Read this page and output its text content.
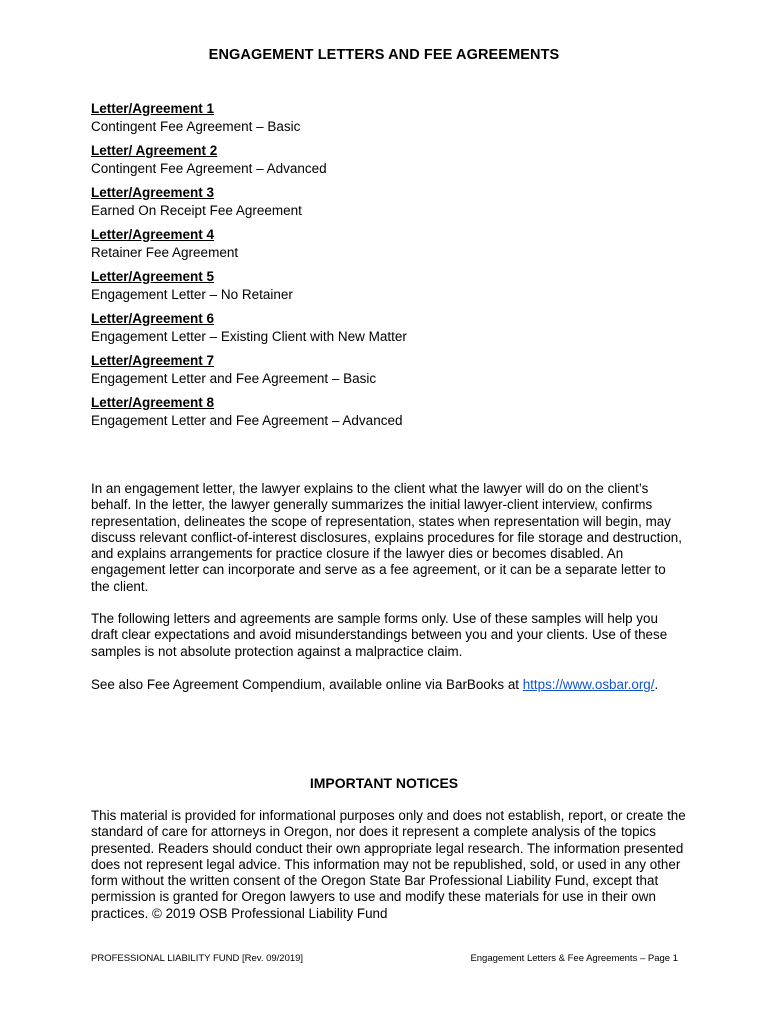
ENGAGEMENT LETTERS AND FEE AGREEMENTS
Letter/Agreement 1
Contingent Fee Agreement – Basic
Letter/ Agreement 2
Contingent Fee Agreement – Advanced
Letter/Agreement 3
Earned On Receipt Fee Agreement
Letter/Agreement 4
Retainer Fee Agreement
Letter/Agreement 5
Engagement Letter – No Retainer
Letter/Agreement 6
Engagement Letter – Existing Client with New Matter
Letter/Agreement 7
Engagement Letter and Fee Agreement – Basic
Letter/Agreement 8
Engagement Letter and Fee Agreement – Advanced
In an engagement letter, the lawyer explains to the client what the lawyer will do on the client’s behalf. In the letter, the lawyer generally summarizes the initial lawyer-client interview, confirms representation, delineates the scope of representation, states when representation will begin, may discuss relevant conflict-of-interest disclosures, explains procedures for file storage and destruction, and explains arrangements for practice closure if the lawyer dies or becomes disabled. An engagement letter can incorporate and serve as a fee agreement, or it can be a separate letter to the client.
The following letters and agreements are sample forms only. Use of these samples will help you draft clear expectations and avoid misunderstandings between you and your clients. Use of these samples is not absolute protection against a malpractice claim.
See also Fee Agreement Compendium, available online via BarBooks at https://www.osbar.org/.
IMPORTANT NOTICES
This material is provided for informational purposes only and does not establish, report, or create the standard of care for attorneys in Oregon, nor does it represent a complete analysis of the topics presented. Readers should conduct their own appropriate legal research. The information presented does not represent legal advice. This information may not be republished, sold, or used in any other form without the written consent of the Oregon State Bar Professional Liability Fund, except that permission is granted for Oregon lawyers to use and modify these materials for use in their own practices. © 2019 OSB Professional Liability Fund
PROFESSIONAL LIABILITY FUND [Rev. 09/2019]	Engagement Letters & Fee Agreements – Page 1
